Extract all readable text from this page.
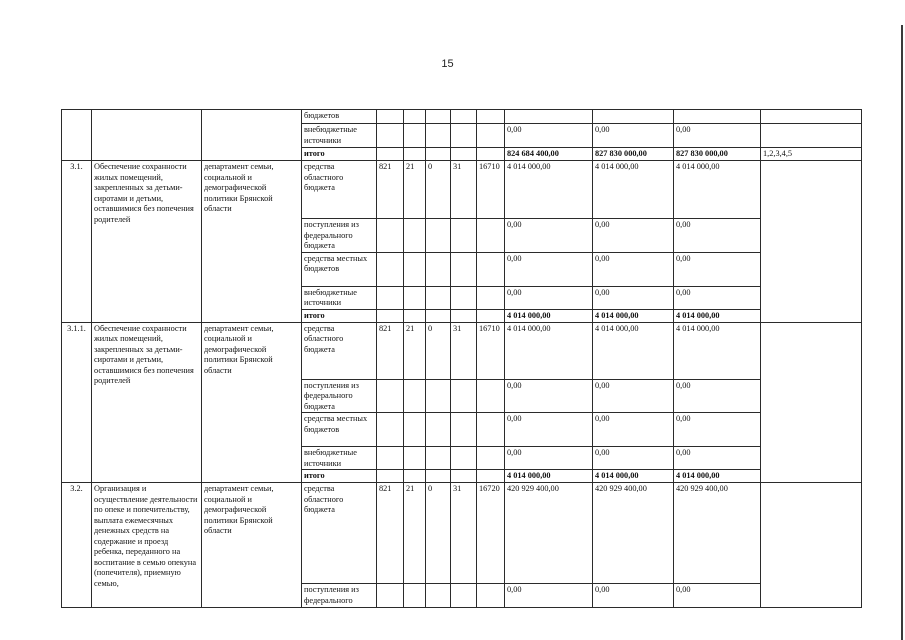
15
			бюджетов									
			внебюджетные источники						0,00	0,00	0,00	
			итого						824 684 400,00	827 830 000,00	827 830 000,00	1,2,3,4,5
3.1.	Обеспечение сохранности жилых помещений, закрепленных за детьми-сиротами и детьми, оставшимися без попечения родителей	департамент семьи, социальной и демографической политики Брянской области	средства областного бюджета	821	21	0	31	16710	4 014 000,00	4 014 000,00	4 014 000,00	
			поступления из федерального бюджета						0,00	0,00	0,00	
			средства местных бюджетов						0,00	0,00	0,00	
			внебюджетные источники						0,00	0,00	0,00	
			итого						4 014 000,00	4 014 000,00	4 014 000,00	
3.1.1.	Обеспечение сохранности жилых помещений, закрепленных за детьми-сиротами и детьми, оставшимися без попечения родителей	департамент семьи, социальной и демографической политики Брянской области	средства областного бюджета	821	21	0	31	16710	4 014 000,00	4 014 000,00	4 014 000,00	
			поступления из федерального бюджета						0,00	0,00	0,00	
			средства местных бюджетов						0,00	0,00	0,00	
			внебюджетные источники						0,00	0,00	0,00	
			итого						4 014 000,00	4 014 000,00	4 014 000,00	
3.2.	Организация и осуществление деятельности по опеке и попечительству, выплата ежемесячных денежных средств на содержание и проезд ребенка, переданного на воспитание в семью опекуна (попечителя), приемную семью,	департамент семьи, социальной и демографической политики Брянской области	средства областного бюджета	821	21	0	31	16720	420 929 400,00	420 929 400,00	420 929 400,00	
			поступления из федерального						0,00	0,00	0,00	
